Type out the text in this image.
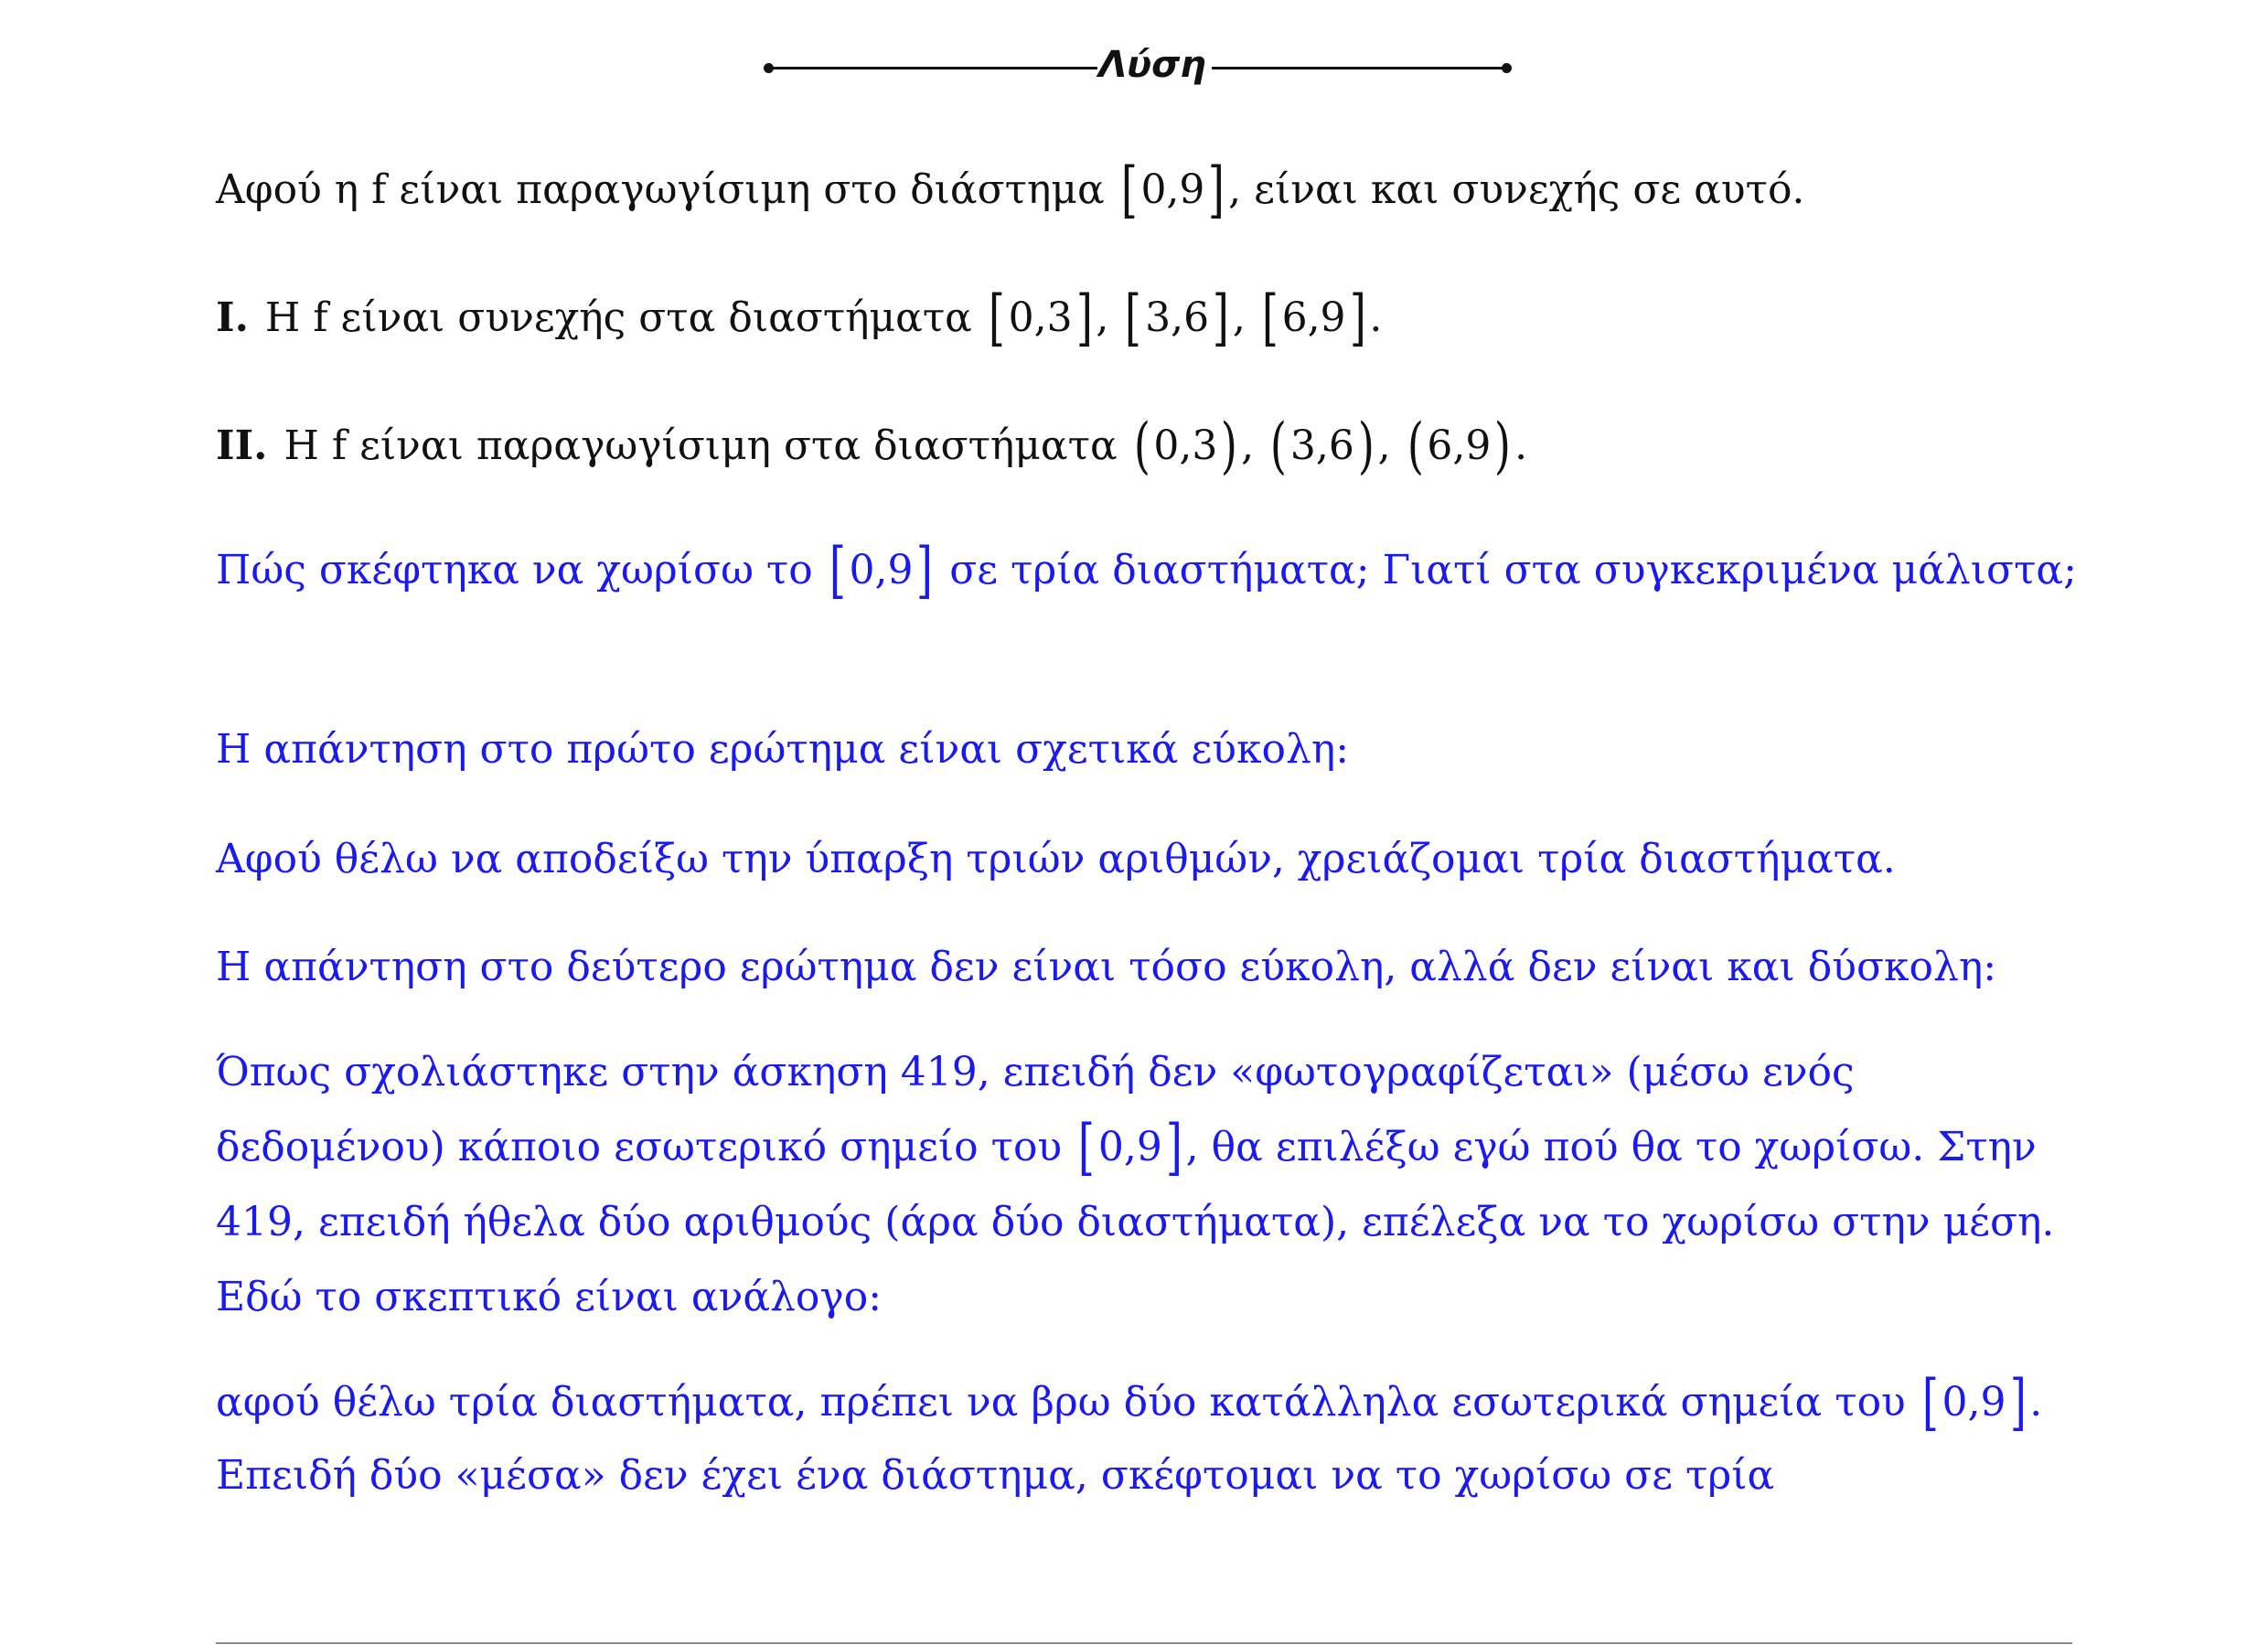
Λύση
Αφού η f είναι παραγωγίσιμη στο διάστημα [0,9], είναι και συνεχής σε αυτό.
I. Η f είναι συνεχής στα διαστήματα [0,3], [3,6], [6,9].
II. Η f είναι παραγωγίσιμη στα διαστήματα (0,3), (3,6), (6,9).
Πώς σκέφτηκα να χωρίσω το [0,9] σε τρία διαστήματα; Γιατί στα συγκεκριμένα μάλιστα;
Η απάντηση στο πρώτο ερώτημα είναι σχετικά εύκολη:
Αφού θέλω να αποδείξω την ύπαρξη τριών αριθμών, χρειάζομαι τρία διαστήματα.
Η απάντηση στο δεύτερο ερώτημα δεν είναι τόσο εύκολη, αλλά δεν είναι και δύσκολη:
Όπως σχολιάστηκε στην άσκηση 419, επειδή δεν «φωτογραφίζεται» (μέσω ενός δεδομένου) κάποιο εσωτερικό σημείο του [0,9], θα επιλέξω εγώ πού θα το χωρίσω. Στην 419, επειδή ήθελα δύο αριθμούς (άρα δύο διαστήματα), επέλεξα να το χωρίσω στην μέση. Εδώ το σκεπτικό είναι ανάλογο:
αφού θέλω τρία διαστήματα, πρέπει να βρω δύο κατάλληλα εσωτερικά σημεία του [0,9]. Επειδή δύο «μέσα» δεν έχει ένα διάστημα, σκέφτομαι να το χωρίσω σε τρία
